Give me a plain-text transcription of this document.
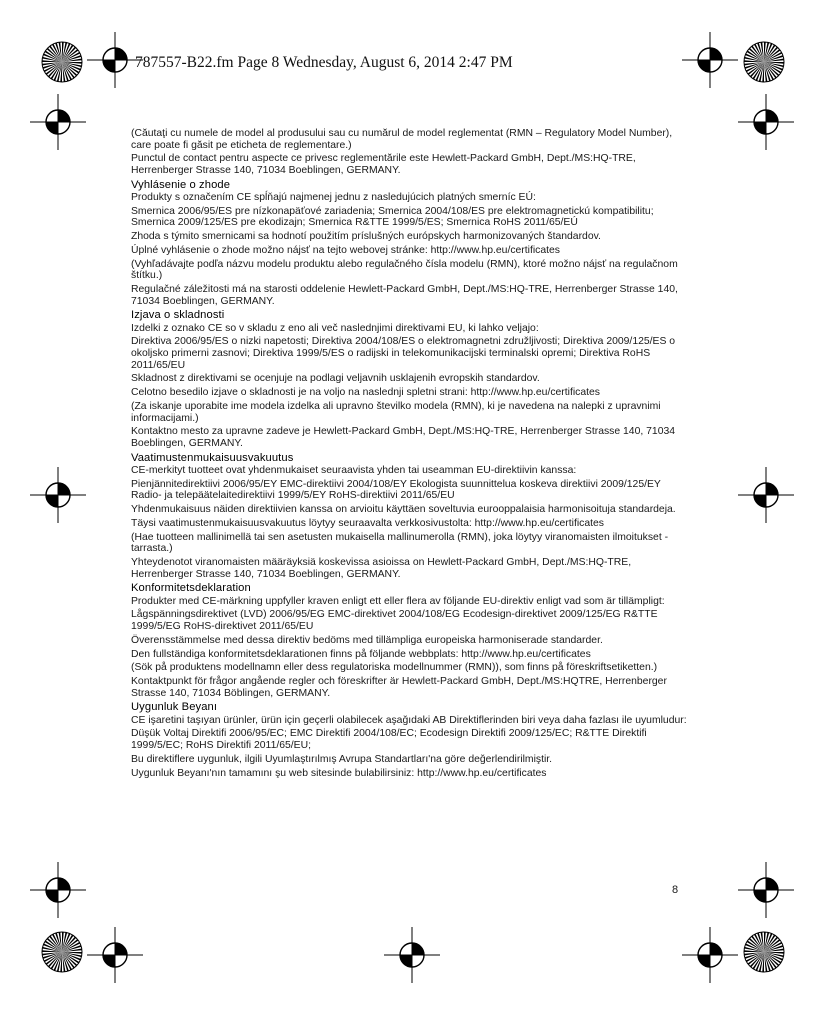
787557-B22.fm Page 8 Wednesday, August 6, 2014 2:47 PM

(Căutaţi cu numele de model al produsului sau cu numărul de model reglementat (RMN – Regulatory Model Number), care poate fi găsit pe eticheta de reglementare.)

Punctul de contact pentru aspecte ce privesc reglementările este Hewlett-Packard GmbH, Dept./MS:HQ-TRE, Herrenberger Strasse 140, 71034 Boeblingen, GERMANY.

Vyhlásenie o zhode

Produkty s označením CE spĺňajú najmenej jednu z nasledujúcich platných smerníc EÚ:

Smernica 2006/95/ES pre nízkonapäťové zariadenia; Smernica 2004/108/ES pre elektromagnetickú kompatibilitu; Smernica 2009/125/ES pre ekodizajn; Smernica R&TTE 1999/5/ES; Smernica RoHS 2011/65/EÚ

Zhoda s týmito smernicami sa hodnotí použitím príslušných európskych harmonizovaných štandardov.

Úplné vyhlásenie o zhode možno nájsť na tejto webovej stránke: http://www.hp.eu/certificates

(Vyhľadávajte podľa názvu modelu produktu alebo regulačného čísla modelu (RMN), ktoré možno nájsť na regulačnom štítku.)

Regulačné záležitosti má na starosti oddelenie Hewlett-Packard GmbH, Dept./MS:HQ-TRE, Herrenberger Strasse 140, 71034 Boeblingen, GERMANY.

Izjava o skladnosti

Izdelki z oznako CE so v skladu z eno ali več naslednjimi direktivami EU, ki lahko veljajo:

Direktiva 2006/95/ES o nizki napetosti; Direktiva 2004/108/ES o elektromagnetni združljivosti; Direktiva 2009/125/ES o okoljsko primerni zasnovi; Direktiva 1999/5/ES o radijski in telekomunikacijski terminalski opremi; Direktiva RoHS 2011/65/EU

Skladnost z direktivami se ocenjuje na podlagi veljavnih usklajenih evropskih standardov.

Celotno besedilo izjave o skladnosti je na voljo na naslednji spletni strani: http://www.hp.eu/certificates

(Za iskanje uporabite ime modela izdelka ali upravno številko modela (RMN), ki je navedena na nalepki z upravnimi informacijami.)

Kontaktno mesto za upravne zadeve je Hewlett-Packard GmbH, Dept./MS:HQ-TRE, Herrenberger Strasse 140, 71034 Boeblingen, GERMANY.

Vaatimustenmukaisuusvakuutus

CE-merkityt tuotteet ovat yhdenmukaiset seuraavista yhden tai useamman EU-direktiivin kanssa:

Pienjännitedirektiivi 2006/95/EY EMC-direktiivi 2004/108/EY Ekologista suunnittelua koskeva direktiivi 2009/125/EY Radio- ja telepäätelaitedirektiivi 1999/5/EY RoHS-direktiivi 2011/65/EU

Yhdenmukaisuus näiden direktiivien kanssa on arvioitu käyttäen soveltuvia eurooppalaisia harmonisoituja standardeja.

Täysi vaatimustenmukaisuusvakuutus löytyy seuraavalta verkkosivustolta: http://www.hp.eu/certificates

(Hae tuotteen mallinimellä tai sen asetusten mukaisella mallinumerolla (RMN), joka löytyy viranomaisten ilmoitukset -tarrasta.)

Yhteydenotot viranomaisten määräyksiä koskevissa asioissa on Hewlett-Packard GmbH, Dept./MS:HQ-TRE, Herrenberger Strasse 140, 71034 Boeblingen, GERMANY.

Konformitetsdeklaration

Produkter med CE-märkning uppfyller kraven enligt ett eller flera av följande EU-direktiv enligt vad som är tillämpligt:

Lågspänningsdirektivet (LVD) 2006/95/EG EMC-direktivet 2004/108/EG Ecodesign-direktivet 2009/125/EG R&TTE 1999/5/EG RoHS-direktivet 2011/65/EU

Överensstämmelse med dessa direktiv bedöms med tillämpliga europeiska harmoniserade standarder.

Den fullständiga konformitetsdeklarationen finns på följande webbplats: http://www.hp.eu/certificates

(Sök på produktens modellnamn eller dess regulatoriska modellnummer (RMN)), som finns på föreskriftsetiketten.)

Kontaktpunkt för frågor angående regler och föreskrifter är Hewlett-Packard GmbH, Dept./MS:HQTRE, Herrenberger Strasse 140, 71034 Böblingen, GERMANY.

Uygunluk Beyanı

CE işaretini taşıyan ürünler, ürün için geçerli olabilecek aşağıdaki AB Direktiflerinden biri veya daha fazlası ile uyumludur:

Düşük Voltaj Direktifi 2006/95/EC; EMC Direktifi 2004/108/EC; Ecodesign Direktifi 2009/125/EC; R&TTE Direktifi 1999/5/EC; RoHS Direktifi 2011/65/EU;

Bu direktiflere uygunluk, ilgili Uyumlaştırılmış Avrupa Standartları'na göre değerlendirilmiştir.

Uygunluk Beyanı'nın tamamını şu web sitesinde bulabilirsiniz: http://www.hp.eu/certificates

8
